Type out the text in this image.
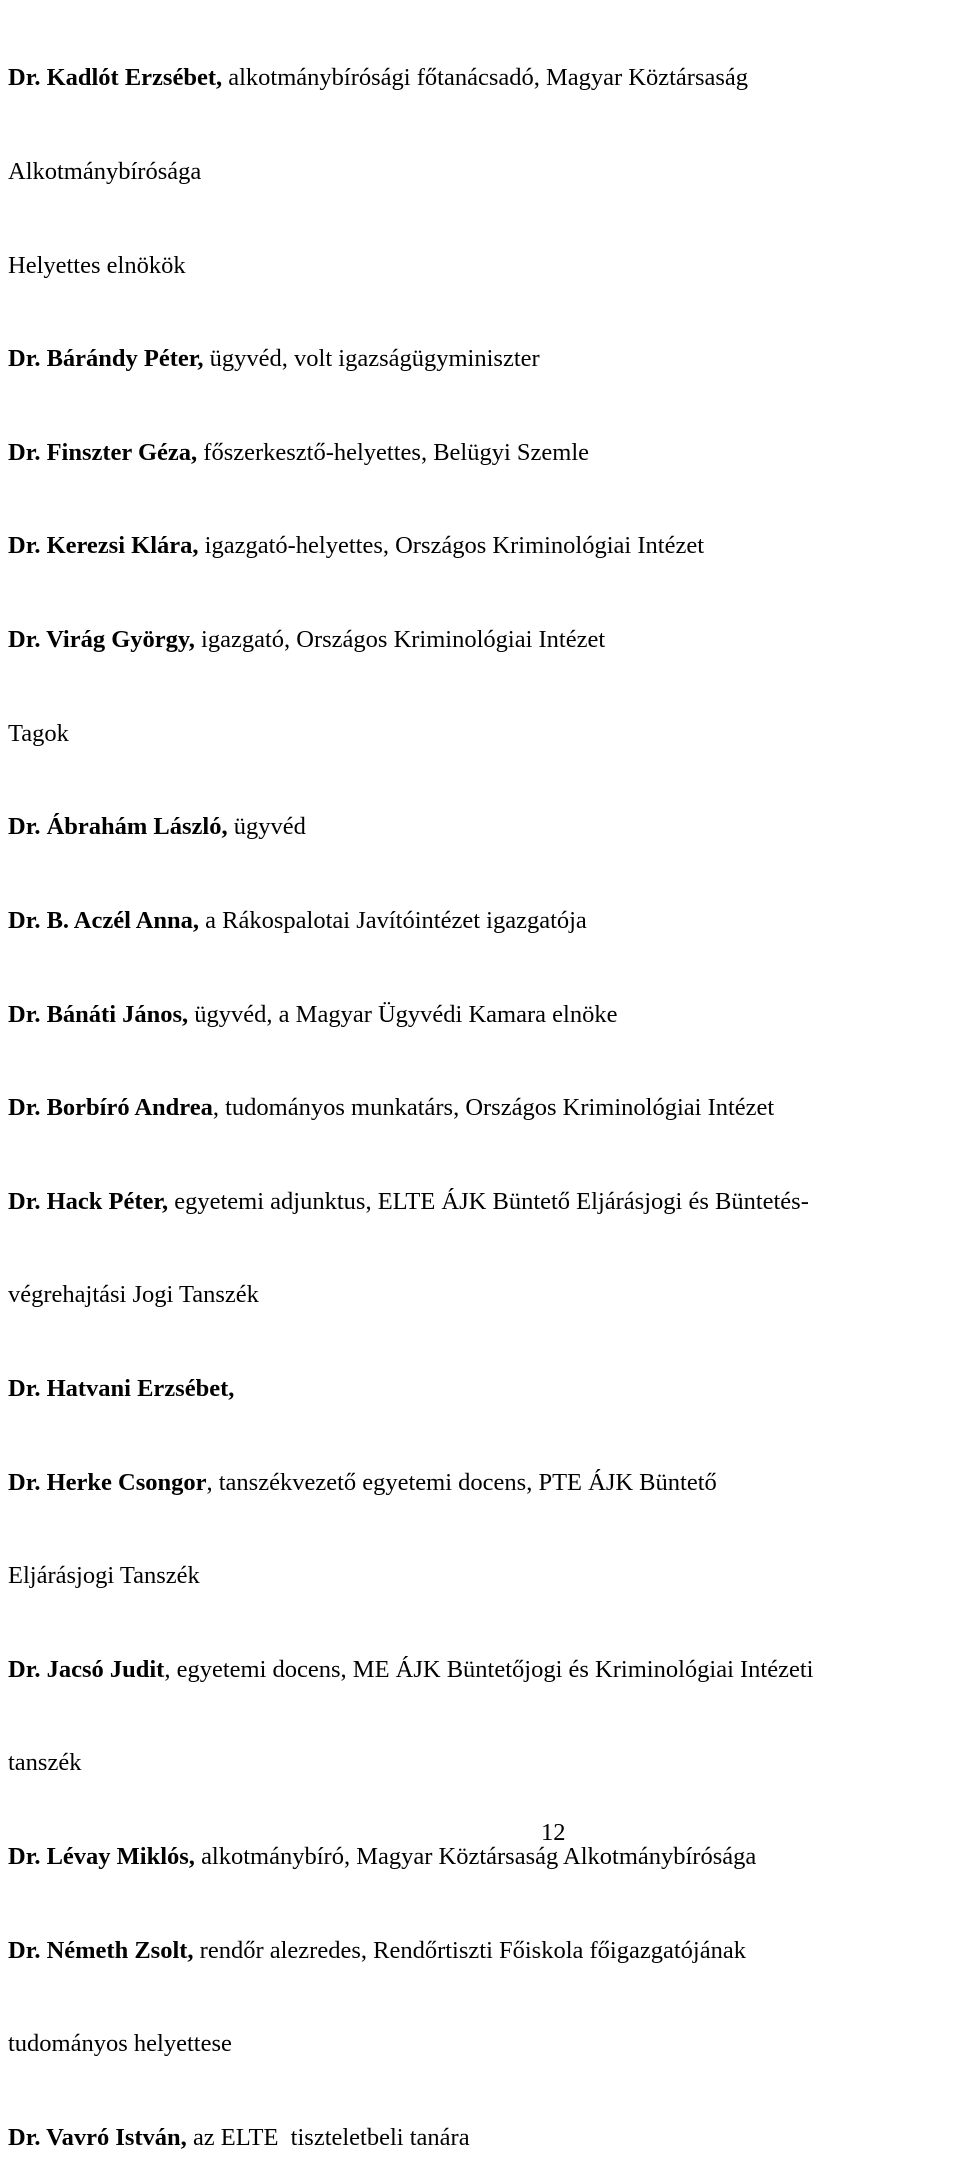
Dr. Kadlót Erzsébet, alkotmánybírósági főtanácsadó, Magyar Köztársaság

Alkotmánybírósága

Helyettes elnökök

Dr. Bárándy Péter, ügyvéd, volt igazságügyminiszter

Dr. Finszter Géza, főszerkesztő-helyettes, Belügyi Szemle

Dr. Kerezsi Klára, igazgató-helyettes, Országos Kriminológiai Intézet

Dr. Virág György, igazgató, Országos Kriminológiai Intézet

Tagok

Dr. Ábrahám László, ügyvéd

Dr. B. Aczél Anna, a Rákospalotai Javítóintézet igazgatója

Dr. Bánáti János, ügyvéd, a Magyar Ügyvédi Kamara elnöke

Dr. Borbíró Andrea, tudományos munkatárs, Országos Kriminológiai Intézet

Dr. Hack Péter, egyetemi adjunktus, ELTE ÁJK Büntető Eljárásjogi és Büntetés-

végrehajtási Jogi Tanszék

Dr. Hatvani Erzsébet,

Dr. Herke Csongor, tanszékvezető egyetemi docens, PTE ÁJK Büntető

Eljárásjogi Tanszék

Dr. Jacsó Judit, egyetemi docens, ME ÁJK Büntetőjogi és Kriminológiai Intézeti

tanszék

Dr. Lévay Miklós, alkotmánybíró, Magyar Köztársaság Alkotmánybírósága

Dr. Németh Zsolt, rendőr alezredes, Rendőrtiszti Főiskola főigazgatójának

tudományos helyettese

Dr. Vavró István, az ELTE  tiszteletbeli tanára

12
